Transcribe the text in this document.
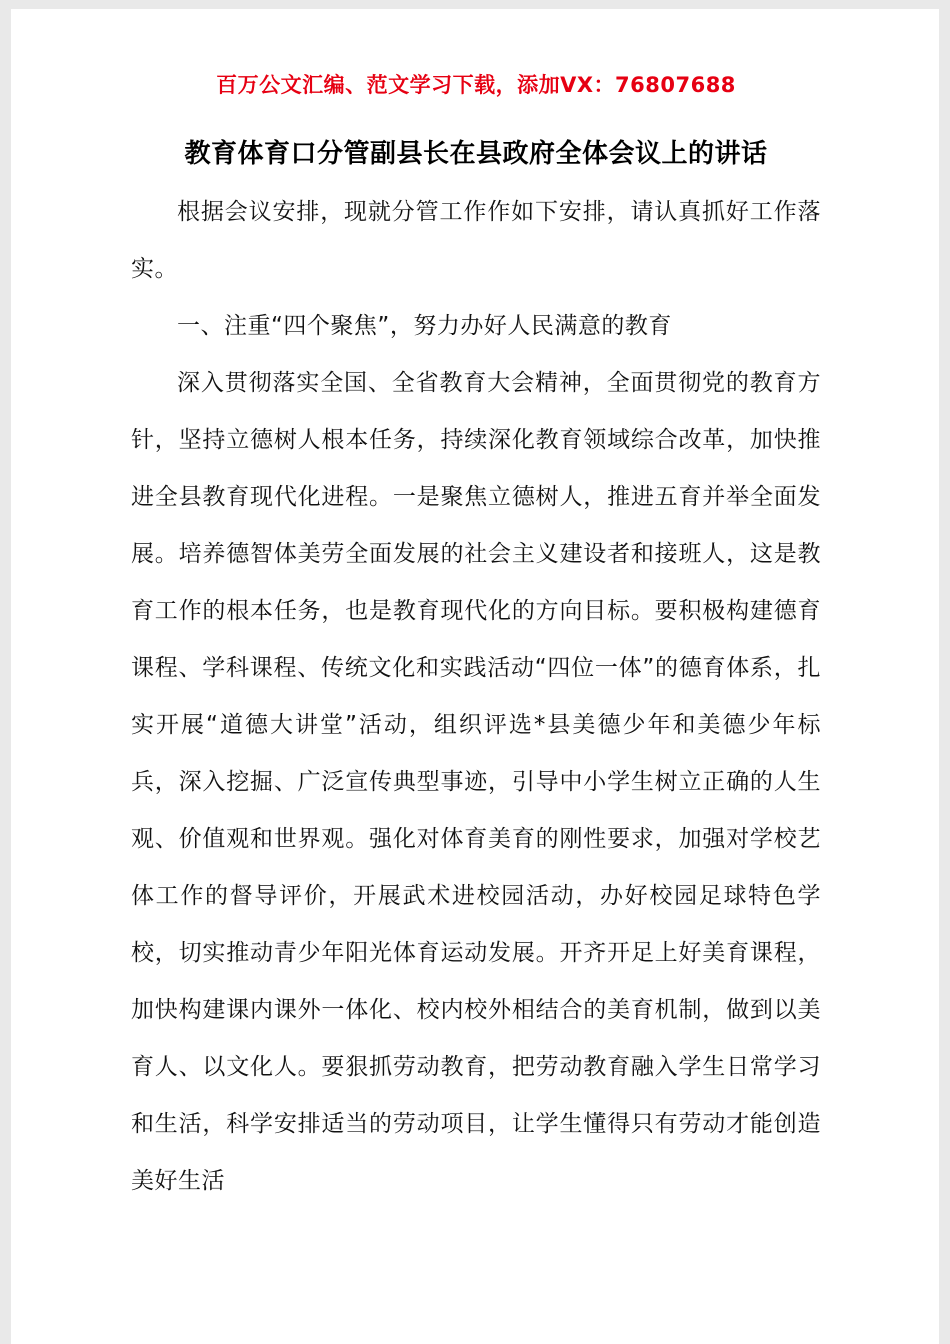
百万公文汇编、范文学习下载，添加VX：76807688
教育体育口分管副县长在县政府全体会议上的讲话

根据会议安排，现就分管工作作如下安排，请认真抓好工作落实。

一、注重“四个聚焦”，努力办好人民满意的教育

深入贯彻落实全国、全省教育大会精神，全面贯彻党的教育方针，坚持立德树人根本任务，持续深化教育领域综合改革，加快推进全县教育现代化进程。一是聚焦立德树人，推进五育并举全面发展。培养德智体美劳全面发展的社会主义建设者和接班人，这是教育工作的根本任务，也是教育现代化的方向目标。要积极构建德育课程、学科课程、传统文化和实践活动“四位一体”的德育体系，扎实开展“道德大讲堂”活动，组织评选*县美德少年和美德少年标兵，深入挖掘、广泛宣传典型事迹，引导中小学生树立正确的人生观、价值观和世界观。强化对体育美育的刚性要求，加强对学校艺体工作的督导评价，开展武术进校园活动，办好校园足球特色学校，切实推动青少年阳光体育运动发展。开齐开足上好美育课程，加快构建课内课外一体化、校内校外相结合的美育机制，做到以美育人、以文化人。要狠抓劳动教育，把劳动教育融入学生日常学习和生活，科学安排适当的劳动项目，让学生懂得只有劳动才能创造美好生活
